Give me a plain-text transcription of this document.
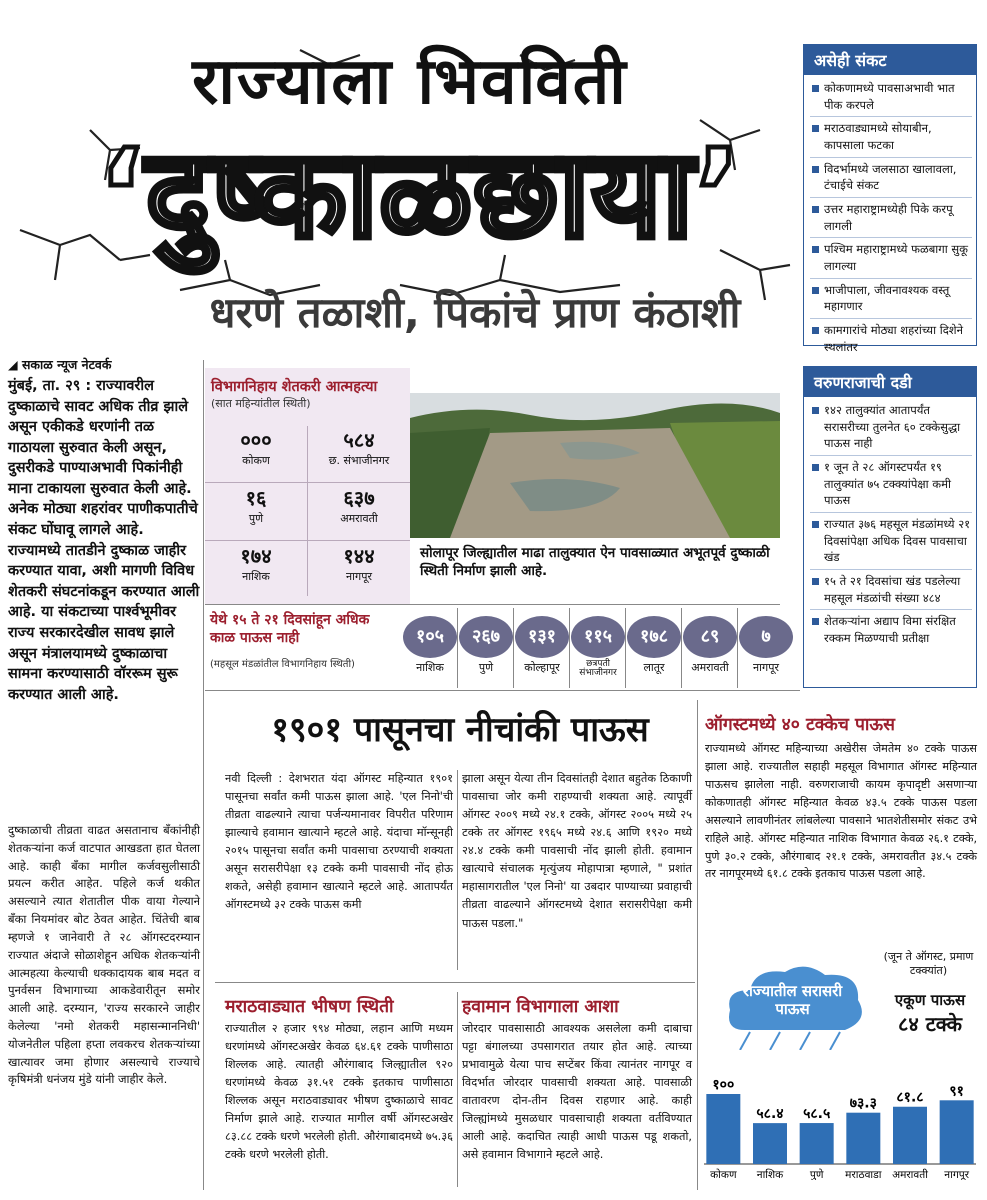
राज्याला भिवविती
‘दुष्काळछाया’
धरणे तळाशी, पिकांचे प्राण कंठाशी
असेही संकट
कोकणामध्ये पावसाअभावी भात पीक करपले
मराठवाड्यामध्ये सोयाबीन, कापसाला फटका
विदर्भामध्ये जलसाठा खालावला, टंचाईचे संकट
उत्तर महाराष्ट्रामध्येही पिके करपू लागली
पश्चिम महाराष्ट्रामध्ये फळबागा सुकू लागल्या
भाजीपाला, जीवनावश्यक वस्तू महागणार
कामगारांचे मोठ्या शहरांच्या दिशेने स्थलांतर
वरुणराजाची दडी
१४२ तालुक्यांत आतापर्यंत सरासरीच्या तुलनेत ६० टक्केसुद्धा पाऊस नाही
१ जून ते २८ ऑगस्टपर्यंत १९ तालुक्यांत ७५ टक्क्यांपेक्षा कमी पाऊस
राज्यात ३७६ महसूल मंडळांमध्ये २१ दिवसांपेक्षा अधिक दिवस पावसाचा खंड
१५ ते २१ दिवसांचा खंड पडलेल्या महसूल मंडळांची संख्या ४८४
शेतकऱ्यांना अद्याप विमा संरक्षित रक्कम मिळण्याची प्रतीक्षा
◢ सकाळ न्यूज नेटवर्क
मुंबई, ता. २९ : राज्यावरील दुष्काळाचे सावट अधिक तीव्र झाले असून एकीकडे धरणांनी तळ गाठायला सुरुवात केली असून, दुसरीकडे पाण्याअभावी पिकांनीही माना टाकायला सुरुवात केली आहे. अनेक मोठ्या शहरांवर पाणीकपातीचे संकट घोंघावू लागले आहे. राज्यामध्ये तातडीने दुष्काळ जाहीर करण्यात यावा, अशी मागणी विविध शेतकरी संघटनांकडून करण्यात आली आहे. या संकटाच्या पार्श्वभूमीवर राज्य सरकारदेखील सावध झाले असून मंत्रालयामध्ये दुष्काळाचा सामना करण्यासाठी वॉररूम सुरू करण्यात आली आहे.
दुष्काळाची तीव्रता वाढत असतानाच बँकांनीही शेतकऱ्यांना कर्ज वाटपात आखडता हात घेतला आहे. काही बँका मागील कर्जवसुलीसाठी प्रयत्न करीत आहेत. पहिले कर्ज थकीत असल्याने त्यात शेतातील पीक वाया गेल्याने बँका नियमांवर बोट ठेवत आहेत. चिंतेची बाब म्हणजे १ जानेवारी ते २८ ऑगस्टदरम्यान राज्यात अंदाजे सोळाशेहून अधिक शेतकऱ्यांनी आत्महत्या केल्याची धक्कादायक बाब मदत व पुनर्वसन विभागाच्या आकडेवारीतून समोर आली आहे. दरम्यान, 'राज्य सरकारने जाहीर केलेल्या 'नमो शेतकरी महासन्माननिधी' योजनेतील पहिला हप्ता लवकरच शेतकऱ्यांच्या खात्यावर जमा होणार असल्याचे राज्याचे कृषिमंत्री धनंजय मुंडे यांनी जाहीर केले.
विभागनिहाय शेतकरी आत्महत्या
(सात महिन्यांतील स्थिती)
०००
कोकण
५८४
छ. संभाजीनगर
१६
पुणे
६३७
अमरावती
१७४
नाशिक
१४४
नागपूर
सोलापूर जिल्ह्यातील माढा तालुक्यात ऐन पावसाळ्यात अभूतपूर्व दुष्काळी स्थिती निर्माण झाली आहे.
येथे १५ ते २१ दिवसांहून अधिक काळ पाऊस नाही
(महसूल मंडळांतील विभागनिहाय स्थिती)
१०५
नाशिक
२६७
पुणे
१३१
कोल्हापूर
११५
छत्रपती संभाजीनगर
१७८
लातूर
८९
अमरावती
७
नागपूर
१९०१ पासूनचा नीचांकी पाऊस
नवी दिल्ली : देशभरात यंदा ऑगस्ट महिन्यात १९०१ पासूनचा सर्वांत कमी पाऊस झाला आहे. 'एल निनो'ची तीव्रता वाढल्याने त्याचा पर्जन्यमानावर विपरीत परिणाम झाल्याचे हवामान खात्याने म्हटले आहे. यंदाचा मॉन्सूनही २०१५ पासूनचा सर्वांत कमी पावसाचा ठरण्याची शक्यता असून सरासरीपेक्षा १३ टक्के कमी पावसाची नोंद होऊ शकते, असेही हवामान खात्याने म्हटले आहे. आतापर्यंत ऑगस्टमध्ये ३२ टक्के पाऊस कमी
झाला असून येत्या तीन दिवसांतही देशात बहुतेक ठिकाणी पावसाचा जोर कमी राहण्याची शक्यता आहे. त्यापूर्वी ऑगस्ट २००९ मध्ये २४.१ टक्के, ऑगस्ट २००५ मध्ये २५ टक्के तर ऑगस्ट १९६५ मध्ये २४.६ आणि १९२० मध्ये २४.४ टक्के कमी पावसाची नोंद झाली होती. हवामान खात्याचे संचालक मृत्युंजय मोहापात्रा म्हणाले, " प्रशांत महासागरातील 'एल निनो' या उबदार पाण्याच्या प्रवाहाची तीव्रता वाढल्याने ऑगस्टमध्ये देशात सरासरीपेक्षा कमी पाऊस पडला."
मराठवाड्यात भीषण स्थिती
राज्यातील २ हजार ९९४ मोठ्या, लहान आणि मध्यम धरणांमध्ये ऑगस्टअखेर केवळ ६४.६१ टक्के पाणीसाठा शिल्लक आहे. त्यातही औरंगाबाद जिल्ह्यातील ९२० धरणांमध्ये केवळ ३१.५१ टक्के इतकाच पाणीसाठा शिल्लक असून मराठवाड्यावर भीषण दुष्काळाचे सावट निर्माण झाले आहे. राज्यात मागील वर्षी ऑगस्टअखेर ८३.८८ टक्के धरणे भरलेली होती. औरंगाबादमध्ये ७५.३६ टक्के धरणे भरलेली होती.
हवामान विभागाला आशा
जोरदार पावसासाठी आवश्यक असलेला कमी दाबाचा पट्टा बंगालच्या उपसागरात तयार होत आहे. त्याच्या प्रभावामुळे येत्या पाच सप्टेंबर किंवा त्यानंतर नागपूर व विदर्भात जोरदार पावसाची शक्यता आहे. पावसाळी वातावरण दोन-तीन दिवस राहणार आहे. काही जिल्ह्यांमध्ये मुसळधार पावसाचाही शक्यता वर्तविण्यात आली आहे. कदाचित त्याही आधी पाऊस पडू शकतो, असे हवामान विभागाने म्हटले आहे.
ऑगस्टमध्ये ४० टक्केच पाऊस
राज्यामध्ये ऑगस्ट महिन्याच्या अखेरीस जेमतेम ४० टक्के पाऊस झाला आहे. राज्यातील सहाही महसूल विभागात ऑगस्ट महिन्यात पाऊसच झालेला नाही. वरुणराजाची कायम कृपादृष्टी असणाऱ्या कोकणातही ऑगस्ट महिन्यात केवळ ४३.५ टक्के पाऊस पडला असल्याने लावणीनंतर लांबलेल्या पावसाने भातशेतीसमोर संकट उभे राहिले आहे. ऑगस्ट महिन्यात नाशिक विभागात केवळ २६.१ टक्के, पुणे ३०.२ टक्के, औरंगाबाद २१.१ टक्के, अमरावतीत ३४.५ टक्के तर नागपूरमध्ये ६१.८ टक्के इतकाच पाऊस पडला आहे.
राज्यातील सरासरी पाऊस
(जून ते ऑगस्ट, प्रमाण टक्क्यांत)
एकूण पाऊस
८४ टक्के
१००
कोकण
५८.४
नाशिक
५८.५
पुणे
७३.३
मराठवाडा
८१.८
अमरावती
९१
नागपूर
